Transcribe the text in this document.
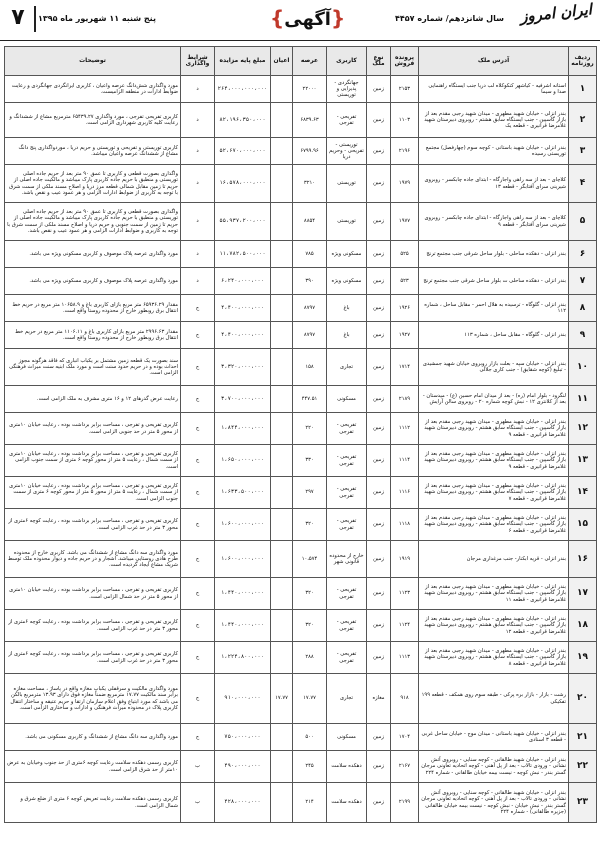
ایران امروز
سال شانزدهم/ شماره ۴۴۵۷
{آگهی}
پنج شنبه ۱۱ شهریور ماه ۱۳۹۵
۷
ردیف روزنامه	آدرس ملک	پرونده فروش	نوع ملک	کاربری	عرصه	اعیان	مبلغ پایه مزایده	شرایط واگذاری	توضیحات
۱	استانه اشرفیه - کیاشهر کنکوکلاه لب دریا جنب ایستگاه راهنمایی صدا و سیما	۲۱۵۳	زمین	جهانگردی - پذیرایی و توریستی	۲۲۰۰۰		۲۶۴،۰۰۰،۰۰۰،۰۰۰	د	مورد واگذاری شش‌دانگ عرصه واعیان ، کاربری ایرانگردی جهانگردی و رعایت ضوابط ادارات در منطقه الزامیست.
۲	بندر انزلی - خیابان شهید مطهری - میدان شهید رجبی مقدم بعد از بازار گاسپین - جنب ایستگاه سابق هشتم - روبروی دبیرستان شهید غلامرضا قرانیری - قطعه یک	۱۱۰۳	زمین	تفریحی - تفرجی	۶۸۳۹.۶۳		۸۲،۱۹۶،۳۵۰،۰۰۰	د	کاربری تفریحی تفرجی ، مورد واگذاری ۶۵۴۳۹.۲۷ مترمربع مشاع از ششدانگ و رعایت کلیه کاربری شهرداری الزامی است.
۳	بندر انزلی - خیابان شهید باستانی - کوچه سوم (چهارفصل) مجتمع توریستی رسیده	۲۱۹۶	زمین	توریستی - تفریحی - وحریم دریا	۶۷۹۹.۹۶		۵۲،۶۷۰،۰۰۰،۰۰۰	د	کاربری توریستی و تفریحی و توریستی و حریم دریا ، موردواگذاری پنج دانگ مشاع از ششدانگ عرصه واعیان میباشد.
۴	کلاچای - بعد از سه راهی واجارگاه - ابتدای جاده چابکسر - روبروی شیرینی سرای آفتابگر - قطعه ۱۳	۱۹۷۹	زمین	توریستی	۳۲۱۰		۱۶،۵۷۸،۰۰۰،۰۰۰	د	واگذاری بصورت قطعی و کاربری تا عمق ۹۰ متر بعد از حریم جاده اصلی توریستی و منطبق با حریم جاده کاربری پارک میباشد و مالکیت جاده اصلی از حریم تا زمین مقابل شمالی قطعه مرز دریا و اصلاح مسند ملکی از سمت شرق با توجه به کاربری از ضوابط ادارات الزامی و هر عمود عیب و نقص باشد.
۵	کلاچای - بعد از سه راهی واجارگاه - ابتدای جاده چابکسر - روبروی شیرینی سرای آفتابگر - قطعه ۹	۱۹۷۷	زمین	توریستی	۸۸۵۴		۵۵،۹۳۷،۲۰۰،۰۰۰	د	واگذاری بصورت قطعی و کاربری تا عمق ۹۰ متر بعد از حریم جاده اصلی توریستی و منطبق با حریم جاده کاربری پارک میباشد و مالکیت جاده اصلی از حریم تا زمین از سمت جنوبی و حریم دریا و اصلاح مسند ملکی از سمت شرق با توجه به کاربری و ضوابط ادارات الزامی و هر عمود عیب و نقص باشد.
۶	بندر انزلی - دهکده ساحلی - بلوار ساحل شرقی جنب مجتمع ترنج	۵۲۵	زمین	مسکونی ویژه	۷۸۵		۱۱،۷۸۲،۵۰۰،۰۰۰	د	مورد واگذاری عرصه پلاک موصوف و کاربری مسکونی ویژه می باشد.
۷	بندر انزلی - دهکده ساحلی ت بلوار ساحل شرقی جنب مجتمع ترنج	۵۲۳	زمین	مسکونی ویژه	۳۹۰		۶،۲۴۰،۰۰۰،۰۰۰	د	مورد واگذاری عرصه پلاک موصوف و کاربری مسکونی ویژه می باشد.
۸	بندر انزلی - گلوگاه - ترسیده به هلال احمر - مقابل ساحل ، شماره ۱۱۲	۱۹۲۶	زمین	باغ	۸۷۹۷		۴،۴۰۰،۰۰۰،۰۰۰	ج	مقدار ۶۵۹۳۶.۲۹ متر مربع بازای کاربری باغ و ۱۰۶۵۸.۹ متر مربع در حریم خط انتقال برق روبطور خارج از محدوده روستا واقع است.
۹	بندر انزلی - گلوگاه - مقابل ساحل ، شماره ۱۱۳	۱۹۲۷	زمین	باغ	۸۷۹۷		۴،۴۰۰،۰۰۰،۰۰۰	ج	مقدار ۲۹۹۶.۶۳ متر مربع بازای کاربری باغ و ۱۱۰۶.۱۱ متر مربع در حریم خط انتقال برق روبطور خارج از محدوده روستا واقع است.
۱۰	بندر انزلی - خیابان سپه - بعلت بازار روبروی خیابان شهید جمشیدی - تبلیغ (کوچه شقایق) - جنب کاری جلالی	۱۷۱۴	زمین	تجاری	۱۵۸		۳،۳۲۰،۰۰۰،۰۰۰	ج	سند بصورت یک قطعه زمین مشتمل بر یکباب انباری که فاقد هرگونه مجوز احداث بوده و در حریم حدود سنت است و مورد ملک ابنیه سنت میراث فرهنگی الزامی است.
۱۱	لنگرود - بلوار امام (ره) - بعد از میدان امام حسین (ع) - میدستان - بعد از کلانتری ۱۲ - نبش کوچه شماره ۲۰ - روبروی سالن آرایش	۲۱۸۹	زمین	مسکونی	۴۴۷.۵۱		۳،۷۰۰،۰۰۰،۰۰۰	ج	رعایت عرض گذرهای ۱۲ و ۱۶ متری مشرف به ملک الزامی است.
۱۲	بندر انزلی - خیابان شهید مطهری - میدان شهید رجبی مقدم بعد از بازار گاسپین - جنب ایستگاه سابق هشتم - روبروی دبیرستان شهید غلامرضا قرانیری - قطعه ۹	۱۱۱۲	زمین	تفریحی - تفرجی	۲۲۰		۱،۸۴۴،۰۰۰،۰۰۰	ج	کاربری تفریحی و تفرجی ، مساحت برابر برداشت بوده ، رعایت خیابان ۱۰متری از محور ۵ متر در حد جنوبی الزامی است.
۱۳	بندر انزلی - خیابان شهید مطهری - میدان شهید رجبی مقدم بعد از بازار گاسپین - جنب ایستگاه سابق هشتم - روبروی دبیرستان شهید غلامرضا قرانیری - قطعه ۹	۱۱۱۴	زمین	تفریحی - تفرجی	۳۳۰		۱،۶۵۰،۰۰۰،۰۰۰	ج	کاربری تفریحی و تفرجی ، مساحت برابر برداشت بوده ، رعایت خیابان ۱۰متری از سمت شمال ، رعایت ۵ متر از محور کوچه ۶ متری از سمت جنوب الزامی است.
۱۴	بندر انزلی - خیابان شهید مطهری - میدان شهید رجبی مقدم بعد از بازار گاسپین - جنب ایستگاه سابق هشتم - روبروی دبیرستان شهید غلامرضا قرانیری - قطعه ۷	۱۱۱۶	زمین	تفریحی - تفرجی	۲۹۷		۱،۶۳۳،۵۰۰،۰۰۰	ج	کاربری تفریحی و تفرجی ، مساحت برابر برداشت بوده ، رعایت خیابان ۱۰متری از سمت شمال ، رعایت ۵ متر از محور ۵ متر از محور کوچه ۶ متری از سمت جنوب الزامی است.
۱۵	بندر انزلی - خیابان شهید مطهری - میدان شهید رجبی مقدم بعد از بازار گاسپین - جنب ایستگاه سابق هشتم - روبروی دبیرستان شهید غلامرضا قرانیری - قطعه ۶	۱۱۱۸	زمین	تفریحی - تفرجی	۳۲۰		۱،۶۰۰،۰۰۰،۰۰۰	ج	کاربری تفریحی و تفرجی ، مساحت برابر برداشت بوده ، رعایت کوچه ۶متری از محور ۳ متر در حد غرب الزامی است.
۱۶	بندر انزلی - قریه ابکنار- جنب مرغداری مرجان	۱۹۱۹	زمین	خارج از محدوده قانونی شهر	۱۰،۵۷۴		۱،۶۰۰،۰۰۰،۰۰۰	ج	مورد واگذاری سه دانگ مشاع از ششدانگ می باشد. کاربری خارج از محدوده طرح هادی روستایی میباشد. اشجار و در حریم جاده و دیوار محدوده ملک توسط شریک مشاع ایجاد گردیده است.
۱۷	بندر انزلی - خیابان شهید مطهری - میدان شهید رجبی مقدم بعد از بازار گاسپین - جنب ایستگاه سابق هشتم - روبروی دبیرستان شهید غلامرضا قرانیری - قطعه ۱۱	۱۱۲۳	زمین	تفریحی - تفرجی	۳۲۰		۱،۴۴۰،۰۰۰،۰۰۰	ج	کاربری تفریحی و تفرجی ، مساحت برابر برداشت بوده ، رعایت خیابان ۱۰متری از محور ۵ متر در حد شمال الزامی است.
۱۸	بندر انزلی - خیابان شهید مطهری - میدان شهید رجبی مقدم بعد از بازار گاسپین - جنب ایستگاه سابق هشتم - روبروی دبیرستان شهید غلامرضا قرانیری - قطعه ۱۲	۱۱۲۴	زمین	تفریحی - تفرجی	۳۲۰		۱،۴۴۰،۰۰۰،۰۰۰	ج	کاربری تفریحی و تفرجی ، مساحت برابر برداشت بوده ، رعایت کوچه ۶متری از محور ۳ متر در حد غرب الزامی است.
۱۹	بندر انزلی - خیابان شهید مطهری - میدان شهید رجبی مقدم بعد از بازار گاسپین - جنب ایستگاه سابق هشتم - روبروی دبیرستان شهید غلامرضا قرانیری - قطعه ۸	۱۱۱۳	زمین	تفریحی - تفرجی	۲۸۸		۱،۲۲۴،۸۰۰،۰۰۰	ج	کاربری تفریحی و تفرجی ، مساحت برابر برداشت بوده ، رعایت کوچه ۶متری از محور ۳ متر در حد غرب الزامی است.
۲۰	رشت - بازار - بازار بره پرکی - طبقه سوم روی همکف - قطعه ۱۹۹ تفکیکی	۹۱۸	مغازه	تجاری	۱۷.۷۷	۱۷.۷۷	۹۱۰،۰۰۰،۰۰۰	ج	مورد واگذاری مالکیت و سرقفلی یکباب مغازه واقع در پاساژ ، مساحت مغازه برابر سند مالکیت ۱۷.۷۷ مترمربع ضمناً مغازه فوق دارای ۱۳.۹۳ مترمربع بالکن می باشد که مورد ابتیاع وفق اعلام سازمان ارتقا و حریم عتیقه و ساختار انتقال کاربری پلاک در محدوده میراث فرهنگی و ادارات و ساختاری الزامی است.
۲۱	بندر انزلی - خیابان شهید باستانی - میدان موج - خیابان ساحل غربی - قطعه ۳ اسنادی	۱۷۰۴	زمین	مسکونی	۵۰۰		۷۵۰،۰۰۰،۰۰۰	ج	مورد واگذاری سه دانگ مشاع از ششدانگ و کاربری مسکونی می باشد.
۲۲	بندر انزلی - خیابان شهید طالقانی - کوچه سنایی - روبروی آتش نشانی - ورودی تالاب - بعد از پل آهنی - کوچه اتحادیه تعاونی مرجان گستر بندر - نبش کوچه - نیست بیمه خیابان طالقانی - شماره ۲۲۴	۲۱۶۷	زمین	دهکده سلامت	۲۴۵		۴۹۰،۰۰۰،۰۰۰	ب	کاربری رسمی دهکده سلامت رعایت کوچه ۶متری از حد جنوب وخیابان به عرض ۱۰متر از حد شرق الزامی است.
۲۳	بندر انزلی - خیابان شهید طالقانی - کوچه سنایی - روبروی آتش نشانی - ورودی تالاب - بعد از پل آهنی - کوچه اتحادیه تعاونی مرجان گستر بندر - نبش خیابان - نبش کوچه - نیست بیمه خیابان طالقانی (جزیره طالقانی) - شماره ۲۲۴	۲۱۹۹	زمین	دهکده سلامت	۲۱۴		۴۲۸،۰۰۰،۰۰۰	ب	کاربری رسمی دهکده سلامت رعایت تعریض کوچه ۶ متری از ضلع شرق و شمال الزامی است.
